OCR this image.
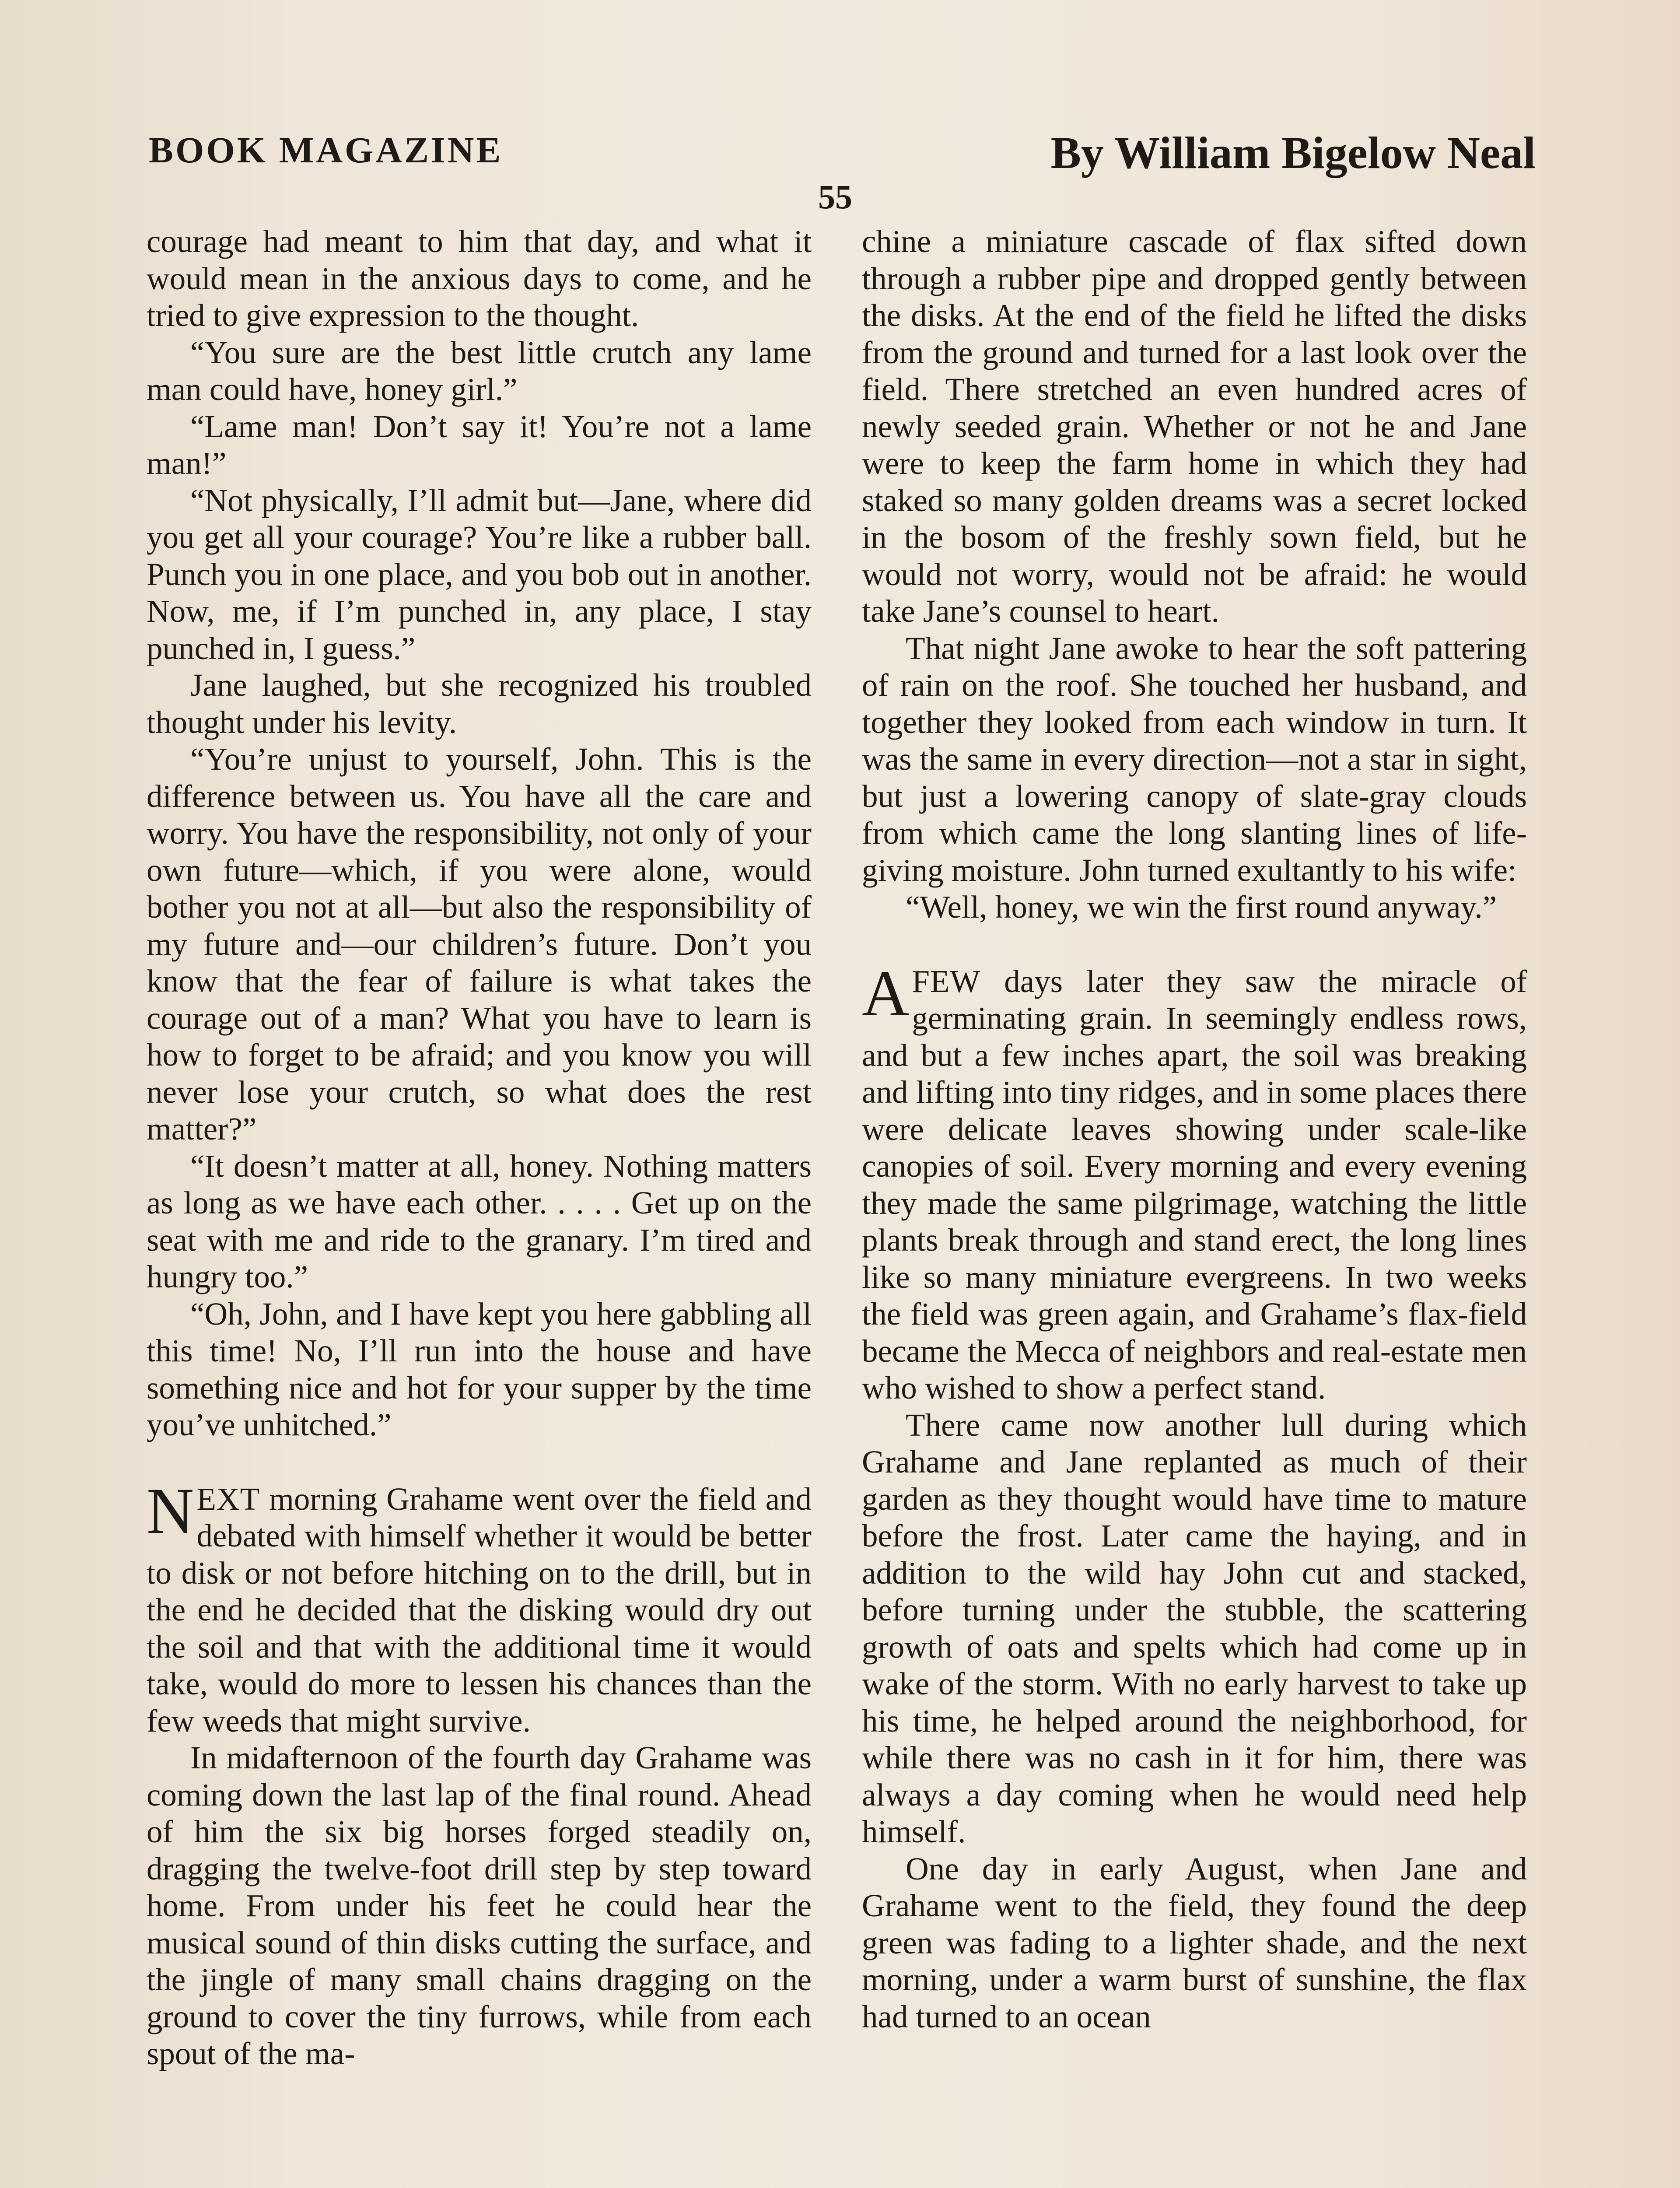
BOOK MAGAZINE	By William Bigelow Neal
55

courage had meant to him that day, and what it would mean in the anxious days to come, and he tried to give expression to the thought.

“You sure are the best little crutch any lame man could have, honey girl.”

“Lame man! Don’t say it! You’re not a lame man!”

“Not physically, I’ll admit but—Jane, where did you get all your courage? You’re like a rubber ball. Punch you in one place, and you bob out in another. Now, me, if I’m punched in, any place, I stay punched in, I guess.”

Jane laughed, but she recognized his troubled thought under his levity.

“You’re unjust to yourself, John. This is the difference between us. You have all the care and worry. You have the responsibility, not only of your own future—which, if you were alone, would bother you not at all—but also the responsibility of my future and—our children’s future. Don’t you know that the fear of failure is what takes the courage out of a man? What you have to learn is how to forget to be afraid; and you know you will never lose your crutch, so what does the rest matter?”

“It doesn’t matter at all, honey. Nothing matters as long as we have each other. . . . . Get up on the seat with me and ride to the granary. I’m tired and hungry too.”

“Oh, John, and I have kept you here gabbling all this time! No, I’ll run into the house and have something nice and hot for your supper by the time you’ve unhitched.”

NEXT morning Grahame went over the field and debated with himself whether it would be better to disk or not before hitching on to the drill, but in the end he decided that the disking would dry out the soil and that with the additional time it would take, would do more to lessen his chances than the few weeds that might survive.

In midafternoon of the fourth day Grahame was coming down the last lap of the final round. Ahead of him the six big horses forged steadily on, dragging the twelve-foot drill step by step toward home. From under his feet he could hear the musical sound of thin disks cutting the surface, and the jingle of many small chains dragging on the ground to cover the tiny furrows, while from each spout of the ma-

chine a miniature cascade of flax sifted down through a rubber pipe and dropped gently between the disks. At the end of the field he lifted the disks from the ground and turned for a last look over the field. There stretched an even hundred acres of newly seeded grain. Whether or not he and Jane were to keep the farm home in which they had staked so many golden dreams was a secret locked in the bosom of the freshly sown field, but he would not worry, would not be afraid: he would take Jane’s counsel to heart.

That night Jane awoke to hear the soft pattering of rain on the roof. She touched her husband, and together they looked from each window in turn. It was the same in every direction—not a star in sight, but just a lowering canopy of slate-gray clouds from which came the long slanting lines of life-giving moisture. John turned exultantly to his wife:

“Well, honey, we win the first round anyway.”

A FEW days later they saw the miracle of germinating grain. In seemingly endless rows, and but a few inches apart, the soil was breaking and lifting into tiny ridges, and in some places there were delicate leaves showing under scale-like canopies of soil. Every morning and every evening they made the same pilgrimage, watching the little plants break through and stand erect, the long lines like so many miniature evergreens. In two weeks the field was green again, and Grahame’s flax-field became the Mecca of neighbors and real-estate men who wished to show a perfect stand.

There came now another lull during which Grahame and Jane replanted as much of their garden as they thought would have time to mature before the frost. Later came the haying, and in addition to the wild hay John cut and stacked, before turning under the stubble, the scattering growth of oats and spelts which had come up in wake of the storm. With no early harvest to take up his time, he helped around the neighborhood, for while there was no cash in it for him, there was always a day coming when he would need help himself.

One day in early August, when Jane and Grahame went to the field, they found the deep green was fading to a lighter shade, and the next morning, under a warm burst of sunshine, the flax had turned to an ocean
